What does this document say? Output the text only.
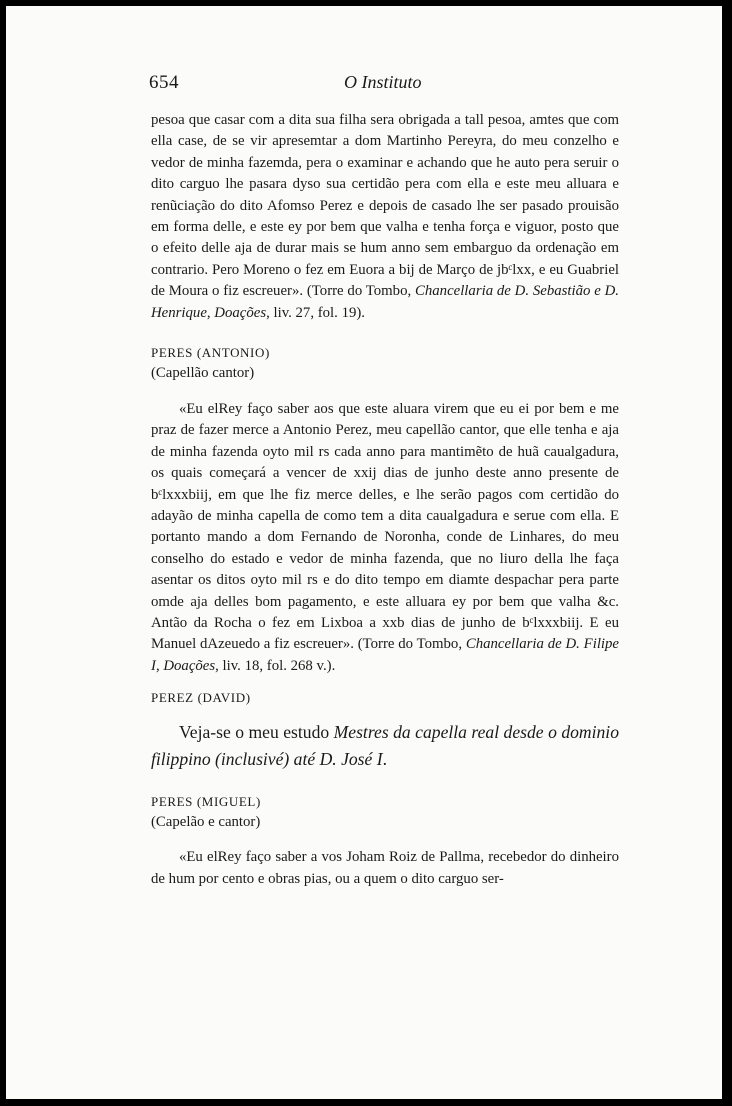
654	O Instituto

pesoa que casar com a dita sua filha sera obrigada a tall pesoa, amtes que com ella case, de se vir apresemtar a dom Martinho Pereyra, do meu conzelho e vedor de minha fazemda, pera o examinar e achando que he auto pera seruir o dito carguo lhe pasara dyso sua certidão pera com ella e este meu alluara e renũciação do dito Afomso Perez e depois de casado lhe ser pasado prouisão em forma delle, e este ey por bem que valha e tenha força e viguor, posto que o efeito delle aja de durar mais se hum anno sem embarguo da ordenação em contrario. Pero Moreno o fez em Euora a bij de Março de jbᶜlxx, e eu Guabriel de Moura o fiz escreuer». (Torre do Tombo, Chancellaria de D. Sebastião e D. Henrique, Doações, liv. 27, fol. 19).

PERES (ANTONIO)

(Capellão cantor)

«Eu elRey faço saber aos que este aluara virem que eu ei por bem e me praz de fazer merce a Antonio Perez, meu capellão cantor, que elle tenha e aja de minha fazenda oyto mil rs cada anno para mantimẽto de huã caualgadura, os quais começará a vencer de xxij dias de junho deste anno presente de bᶜlxxxbiij, em que lhe fiz merce delles, e lhe serão pagos com certidão do adayão de minha capella de como tem a dita caualgadura e serue com ella. E portanto mando a dom Fernando de Noronha, conde de Linhares, do meu conselho do estado e vedor de minha fazenda, que no liuro della lhe faça asentar os ditos oyto mil rs e do dito tempo em diamte despachar pera parte omde aja delles bom pagamento, e este alluara ey por bem que valha &c. Antão da Rocha o fez em Lixboa a xxb dias de junho de bᶜlxxxbiij. E eu Manuel dAzeuedo a fiz escreuer». (Torre do Tombo, Chancellaria de D. Filipe I, Doações, liv. 18, fol. 268 v.).

PEREZ (DAVID)

Veja-se o meu estudo Mestres da capella real desde o dominio filippino (inclusivé) até D. José I.

PERES (MIGUEL)

(Capelão e cantor)

«Eu elRey faço saber a vos Joham Roiz de Pallma, recebedor do dinheiro de hum por cento e obras pias, ou a quem o dito carguo ser-
